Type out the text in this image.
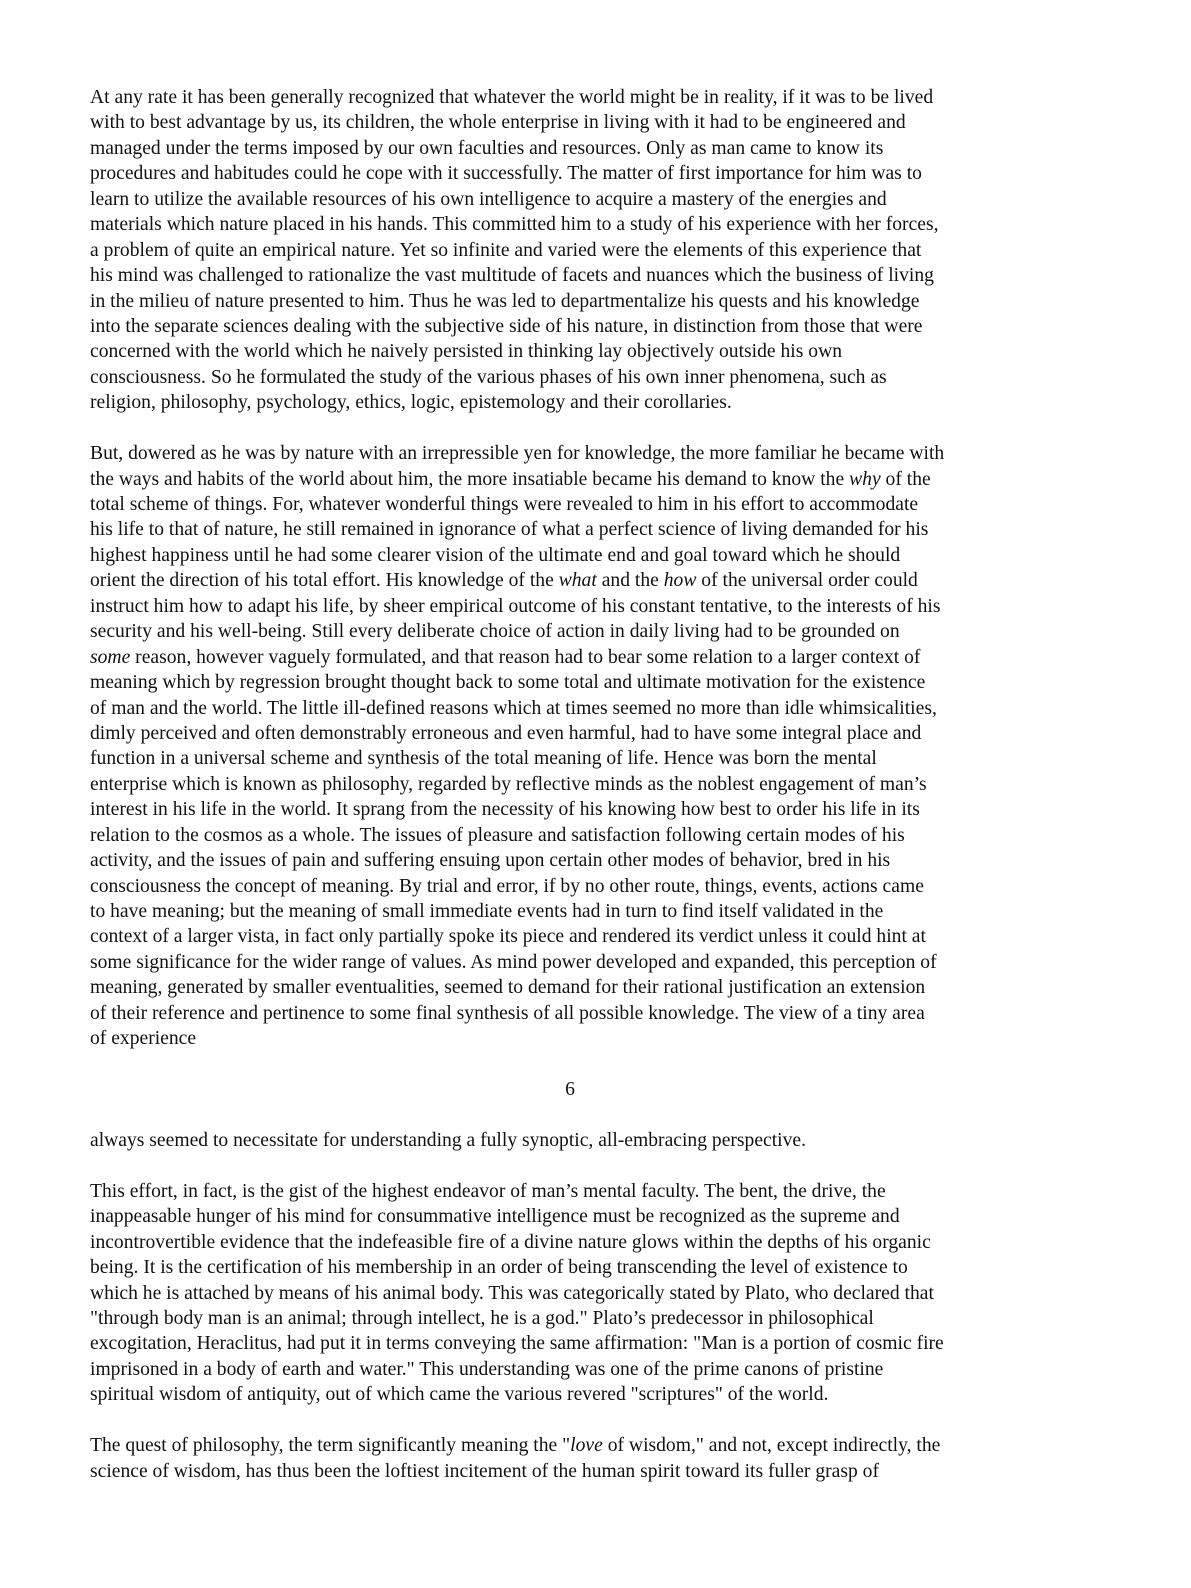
At any rate it has been generally recognized that whatever the world might be in reality, if it was to be lived
with to best advantage by us, its children, the whole enterprise in living with it had to be engineered and
managed under the terms imposed by our own faculties and resources. Only as man came to know its
procedures and habitudes could he cope with it successfully. The matter of first importance for him was to
learn to utilize the available resources of his own intelligence to acquire a mastery of the energies and
materials which nature placed in his hands. This committed him to a study of his experience with her forces,
a problem of quite an empirical nature. Yet so infinite and varied were the elements of this experience that
his mind was challenged to rationalize the vast multitude of facets and nuances which the business of living
in the milieu of nature presented to him. Thus he was led to departmentalize his quests and his knowledge
into the separate sciences dealing with the subjective side of his nature, in distinction from those that were
concerned with the world which he naively persisted in thinking lay objectively outside his own
consciousness. So he formulated the study of the various phases of his own inner phenomena, such as
religion, philosophy, psychology, ethics, logic, epistemology and their corollaries.
But, dowered as he was by nature with an irrepressible yen for knowledge, the more familiar he became with
the ways and habits of the world about him, the more insatiable became his demand to know the why of the
total scheme of things. For, whatever wonderful things were revealed to him in his effort to accommodate
his life to that of nature, he still remained in ignorance of what a perfect science of living demanded for his
highest happiness until he had some clearer vision of the ultimate end and goal toward which he should
orient the direction of his total effort. His knowledge of the what and the how of the universal order could
instruct him how to adapt his life, by sheer empirical outcome of his constant tentative, to the interests of his
security and his well-being. Still every deliberate choice of action in daily living had to be grounded on
some reason, however vaguely formulated, and that reason had to bear some relation to a larger context of
meaning which by regression brought thought back to some total and ultimate motivation for the existence
of man and the world. The little ill-defined reasons which at times seemed no more than idle whimsicalities,
dimly perceived and often demonstrably erroneous and even harmful, had to have some integral place and
function in a universal scheme and synthesis of the total meaning of life. Hence was born the mental
enterprise which is known as philosophy, regarded by reflective minds as the noblest engagement of man’s
interest in his life in the world. It sprang from the necessity of his knowing how best to order his life in its
relation to the cosmos as a whole. The issues of pleasure and satisfaction following certain modes of his
activity, and the issues of pain and suffering ensuing upon certain other modes of behavior, bred in his
consciousness the concept of meaning. By trial and error, if by no other route, things, events, actions came
to have meaning; but the meaning of small immediate events had in turn to find itself validated in the
context of a larger vista, in fact only partially spoke its piece and rendered its verdict unless it could hint at
some significance for the wider range of values. As mind power developed and expanded, this perception of
meaning, generated by smaller eventualities, seemed to demand for their rational justification an extension
of their reference and pertinence to some final synthesis of all possible knowledge. The view of a tiny area
of experience
6
always seemed to necessitate for understanding a fully synoptic, all-embracing perspective.
This effort, in fact, is the gist of the highest endeavor of man’s mental faculty. The bent, the drive, the
inappeasable hunger of his mind for consummative intelligence must be recognized as the supreme and
incontrovertible evidence that the indefeasible fire of a divine nature glows within the depths of his organic
being. It is the certification of his membership in an order of being transcending the level of existence to
which he is attached by means of his animal body. This was categorically stated by Plato, who declared that
"through body man is an animal; through intellect, he is a god." Plato’s predecessor in philosophical
excogitation, Heraclitus, had put it in terms conveying the same affirmation: "Man is a portion of cosmic fire
imprisoned in a body of earth and water." This understanding was one of the prime canons of pristine
spiritual wisdom of antiquity, out of which came the various revered "scriptures" of the world.
The quest of philosophy, the term significantly meaning the "love of wisdom," and not, except indirectly, the
science of wisdom, has thus been the loftiest incitement of the human spirit toward its fuller grasp of
